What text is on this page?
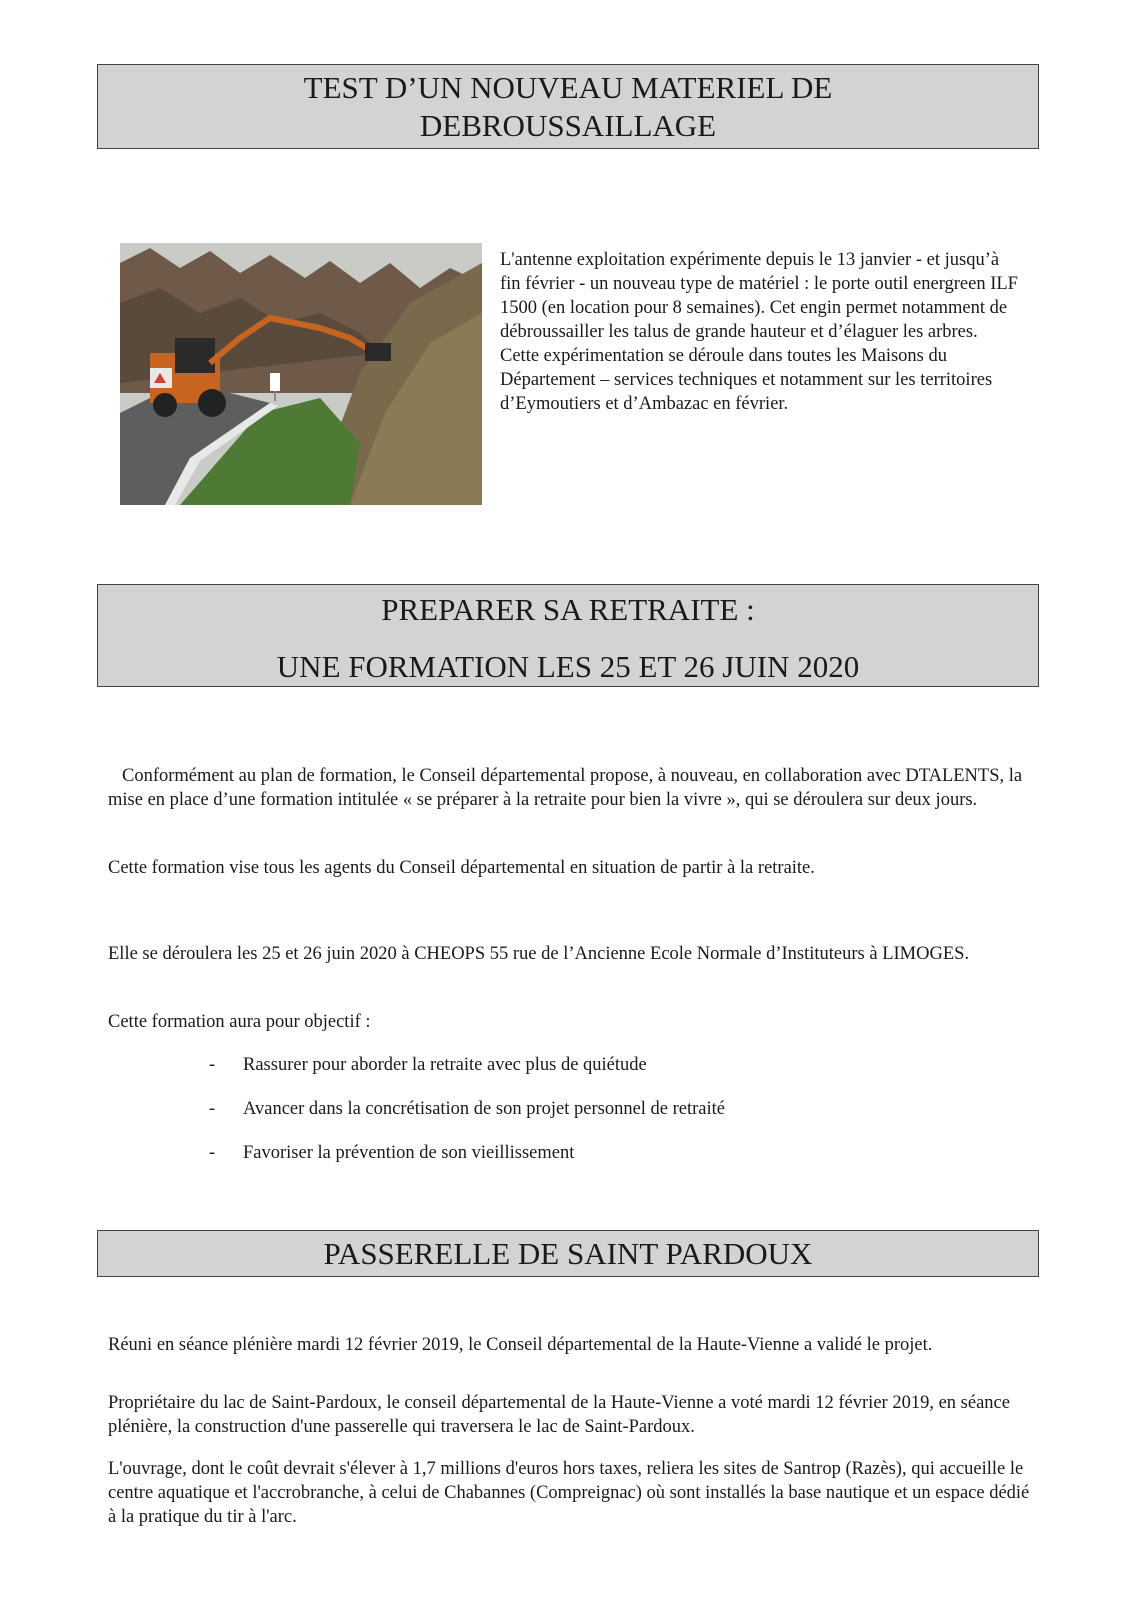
TEST D’UN NOUVEAU MATERIEL DE
DEBROUSSAILLAGE
L'antenne exploitation expérimente depuis le 13 janvier - et jusqu’à fin février - un nouveau type de matériel : le porte outil energreen ILF 1500 (en location pour 8 semaines). Cet engin permet notamment de débroussailler les talus de grande hauteur et d’élaguer les arbres. Cette expérimentation se déroule dans toutes les Maisons du Département – services techniques et notamment sur les territoires d’Eymoutiers et d’Ambazac en février.
PREPARER SA RETRAITE :
UNE FORMATION LES 25 ET 26 JUIN 2020
Conformément au plan de formation, le Conseil départemental propose, à nouveau, en collaboration avec DTALENTS, la mise en place d’une formation intitulée « se préparer à la retraite pour bien la vivre », qui se déroulera sur deux jours.
Cette formation vise tous les agents du Conseil départemental en situation de partir à la retraite.
Elle se déroulera les 25 et 26 juin 2020 à CHEOPS 55 rue de l’Ancienne Ecole Normale d’Instituteurs à LIMOGES.
Cette formation aura pour objectif :
- Rassurer pour aborder la retraite avec plus de quiétude
- Avancer dans la concrétisation de son projet personnel de retraité
- Favoriser la prévention de son vieillissement
PASSERELLE DE SAINT PARDOUX
Réuni en séance plénière mardi 12 février 2019, le Conseil départemental de la Haute-Vienne a validé le projet.
Propriétaire du lac de Saint-Pardoux, le conseil départemental de la Haute-Vienne a voté mardi 12 février 2019, en séance plénière, la construction d'une passerelle qui traversera le lac de Saint-Pardoux.
L'ouvrage, dont le coût devrait s'élever à 1,7 millions d'euros hors taxes, reliera les sites de Santrop (Razès), qui accueille le centre aquatique et l'accrobranche, à celui de Chabannes (Compreignac) où sont installés la base nautique et un espace dédié à la pratique du tir à l'arc.
